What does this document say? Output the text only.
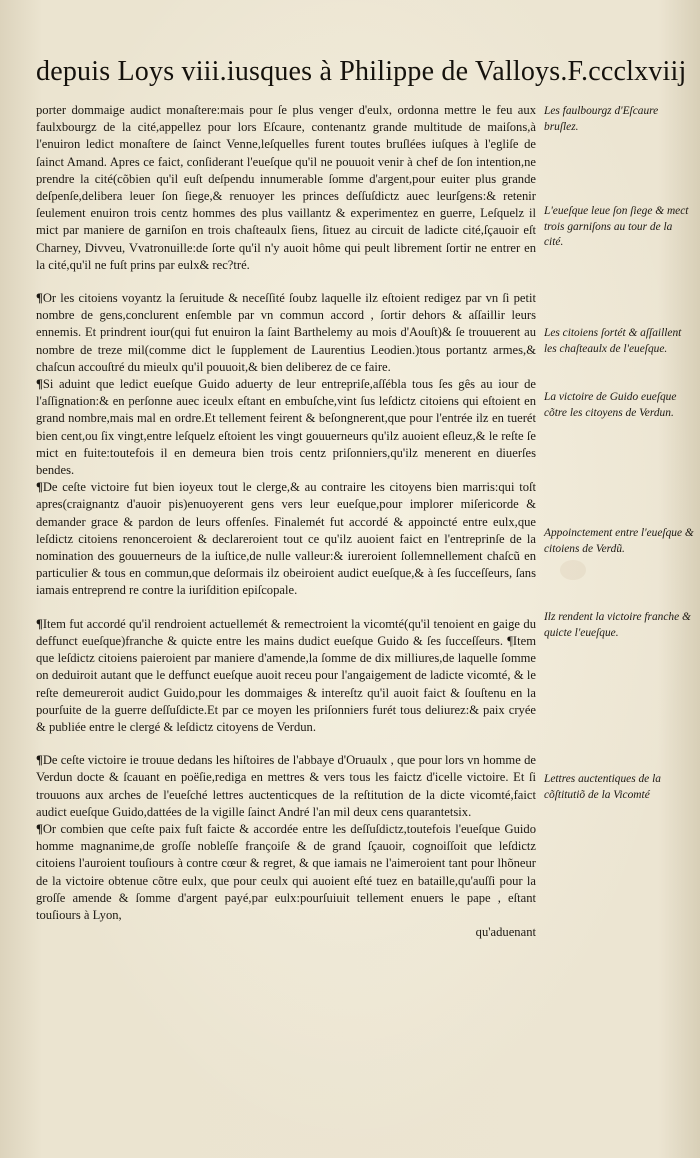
depuis Loys viii.iusques à Philippe de Valloys.F.ccclxviij

porter dommaige audict monaſtere:mais pour ſe plus venger d'eulx, ordonna mettre le feu aux faulxbourgz de la cité,appellez pour lors Eſcaure, contenantz grande multitude de maiſons,à l'enuiron ledict monaſtere de ſainct Venne,leſquelles furent toutes bruſlées iuſques à l'egliſe de ſainct Amand. Apres ce faict, conſiderant l'eueſque qu'il ne pouuoit venir à chef de ſon intention,ne prendre la cité(cõbien qu'il euſt deſpendu innumerable ſomme d'argent,pour euiter plus grande deſpenſe,delibera leuer ſon ſiege,& renuoyer les princes deſſuſdictz auec leurſgens:& retenir ſeulement enuiron trois centz hommes des plus vaillantz & experimentez en guerre, Leſquelz il mict par maniere de garniſon en trois chaſteaulx ſiens, ſituez au circuit de ladicte cité,ſçauoir eſt Charney, Divveu, Vvatronuille:de ſorte qu'il n'y auoit hôme qui peult librement ſortir ne entrer en la cité,qu'il ne fuſt prins par eulx& rec?tré.

¶Or les citoiens voyantz la ſeruitude & neceſſité ſoubz laquelle ilz eſtoient redigez par vn ſi petit nombre de gens,conclurent enſemble par vn commun accord , ſortir dehors & aſſaillir leurs ennemis. Et prindrent iour(qui fut enuiron la ſaint Barthelemy au mois d'Aouſt)& ſe trouuerent au nombre de treze mil(comme dict le ſupplement de Laurentius Leodien.)tous portantz armes,& chaſcun accouſtré du mieulx qu'il pouuoit,& bien deliberez de ce faire.

¶Si aduint que ledict eueſque Guido aduerty de leur entrepriſe,aſſébla tous ſes gês au iour de l'aſſignation:& en perſonne auec iceulx eſtant en embuſche,vint ſus leſdictz citoiens qui eſtoient en grand nombre,mais mal en ordre.Et tellement feirent & beſongnerent,que pour l'entrée ilz en tuerét bien cent,ou ſix vingt,entre leſquelz eſtoient les vingt gouuerneurs qu'ilz auoient eſleuz,& le reſte ſe mict en fuite:toutefois il en demeura bien trois centz priſonniers,qu'ilz menerent en diuerſes bendes.

¶De ceſte victoire fut bien ioyeux tout le clerge,& au contraire les citoyens bien marris:qui toſt apres(craignantz d'auoir pis)enuoyerent gens vers leur eueſque,pour implorer miſericorde & demander grace & pardon de leurs offenſes. Finalemét fut accordé & appoincté entre eulx,que leſdictz citoiens renonceroient & declareroient tout ce qu'ilz auoient faict en l'entreprinſe de la nomination des gouuerneurs de la iuſtice,de nulle valleur:& iureroient ſollemnellement chaſcũ en particulier & tous en commun,que deſormais ilz obeiroient audict eueſque,& à ſes ſucceſſeurs, ſans iamais entreprend re contre la iuriſdition epiſcopale.

¶Item fut accordé qu'il rendroient actuellemét & remectroient la vicomté(qu'il tenoient en gaige du deffunct eueſque)franche & quicte entre les mains dudict eueſque Guido & ſes ſucceſſeurs. ¶Item que leſdictz citoiens paieroient par maniere d'amende,la ſomme de dix milliures,de laquelle ſomme on deduiroit autant que le deffunct eueſque auoit receu pour l'angaigement de ladicte vicomté, & le reſte demeureroit audict Guido,pour les dommaiges & intereſtz qu'il auoit faict & ſouſtenu en la pourſuite de la guerre deſſuſdicte.Et par ce moyen les priſonniers furét tous deliurez:& paix cryée & publiée entre le clergé & leſdictz citoyens de Verdun.

¶De ceſte victoire ie trouue dedans les hiſtoires de l'abbaye d'Oruaulx , que pour lors vn homme de Verdun docte & ſcauant en poëſie,rediga en mettres & vers tous les faictz d'icelle victoire. Et ſi trouuons aux arches de l'eueſché lettres auctenticques de la reſtitution de la dicte vicomté,faict audict eueſque Guido,dattées de la vigille ſainct André l'an mil deux cens quarantetsix.

¶Or combien que ceſte paix fuſt faicte & accordée entre les deſſuſdictz,toutefois l'eueſque Guido homme magnanime,de groſſe nobleſſe françoiſe & de grand ſçauoir, cognoiſſoit que leſdictz citoiens l'auroient touſiours à contre cœur & regret, & que iamais ne l'aimeroient tant pour lhõneur de la victoire obtenue cõtre eulx, que pour ceulx qui auoient eſté tuez en bataille,qu'auſſi pour la groſſe amende & ſomme d'argent payé,par eulx:pourſuiuit tellement enuers le pape , eſtant touſiours à Lyon,

qu'aduenant

Les faulbourgz d'Eſcaure bruſlez.
L'eueſque leue ſon ſiege & mect trois garniſons au tour de la cité.
Les citoiens ſortét & aſſaillent les chaſteaulx de l'eueſque.
La victoire de Guido eueſque cõtre les citoyens de Verdun.
Appoinctement entre l'eueſque & citoiens de Verdũ.
Ilz rendent la victoire franche & quicte l'eueſque.
Lettres auctentiques de la cõſtitutiõ de la Vicomté
